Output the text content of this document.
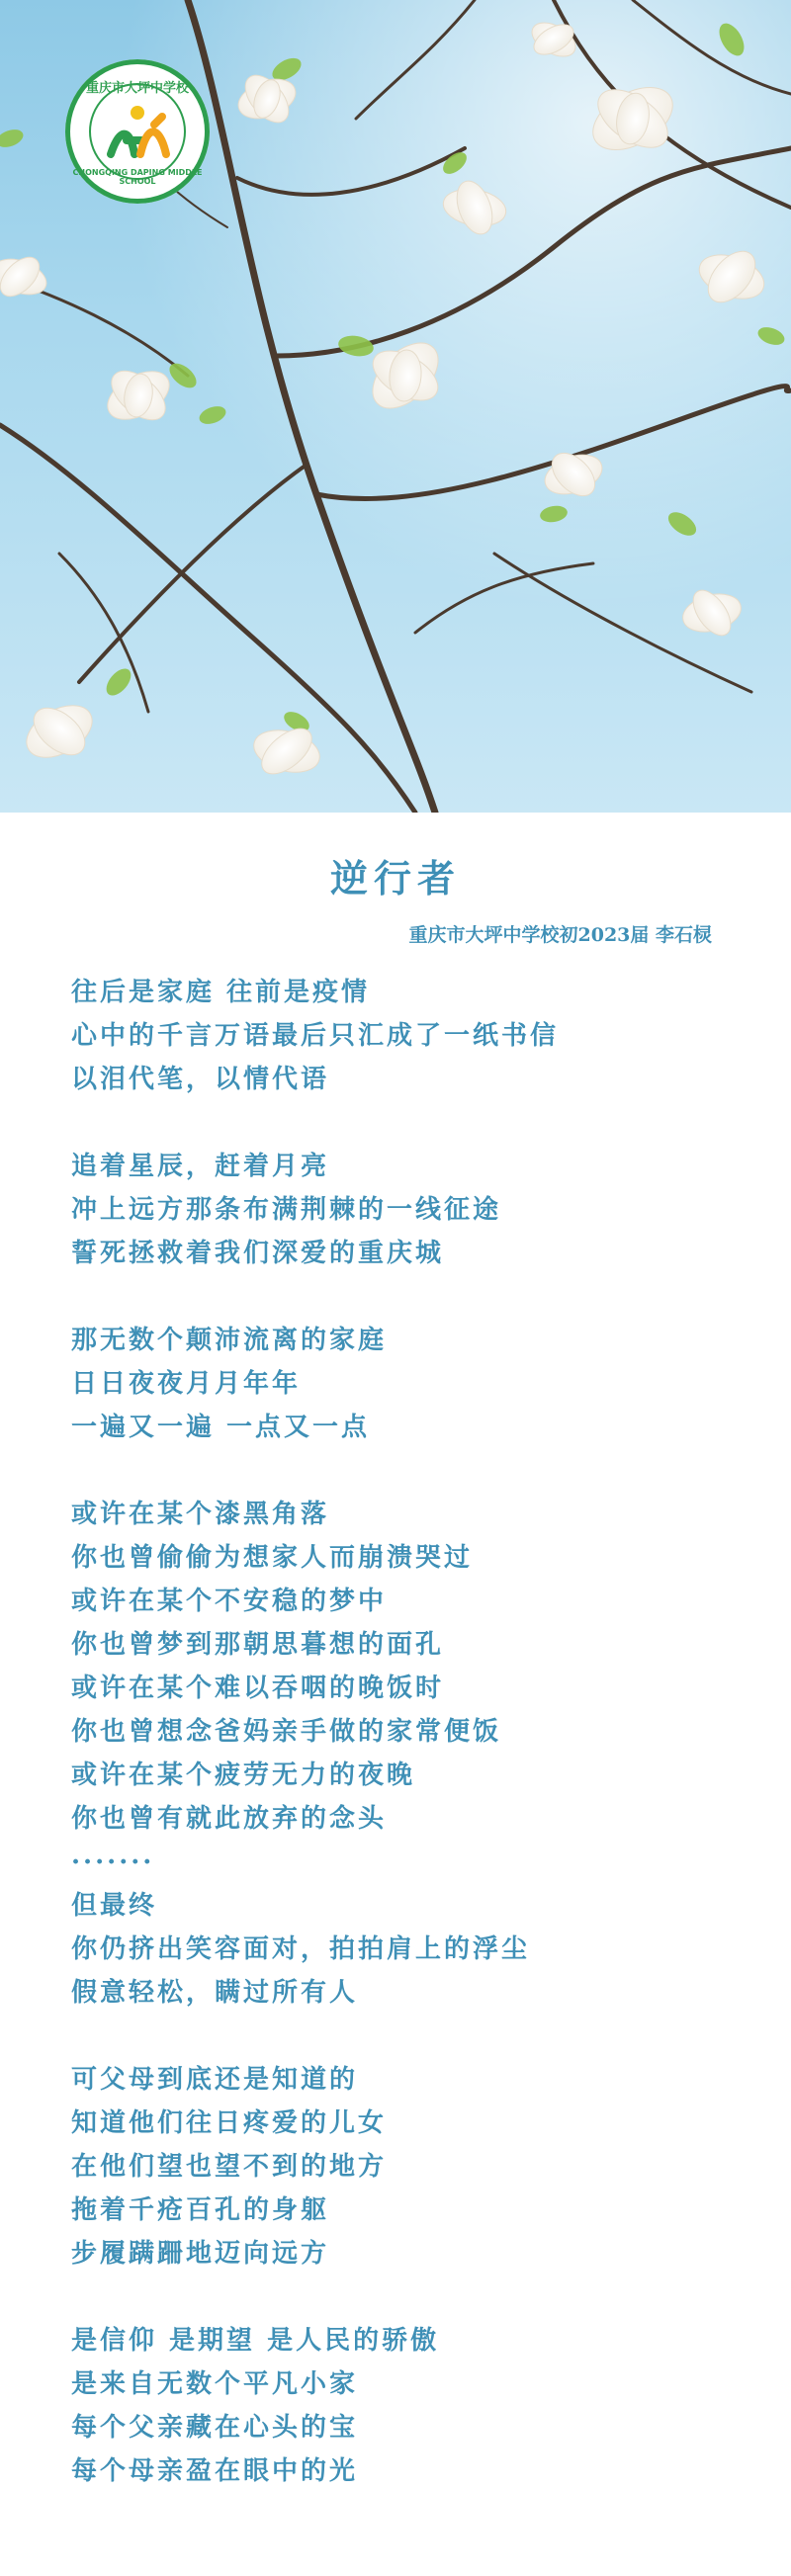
重庆市大坪中学校
CHONGQING DAPING MIDDLE SCHOOL
逆行者
重庆市大坪中学校初2023届 李石棂
往后是家庭 往前是疫情
心中的千言万语最后只汇成了一纸书信
以泪代笔，以情代语
追着星辰，赶着月亮
冲上远方那条布满荆棘的一线征途
誓死拯救着我们深爱的重庆城
那无数个颠沛流离的家庭
日日夜夜月月年年
一遍又一遍 一点又一点
或许在某个漆黑角落
你也曾偷偷为想家人而崩溃哭过
或许在某个不安稳的梦中
你也曾梦到那朝思暮想的面孔
或许在某个难以吞咽的晚饭时
你也曾想念爸妈亲手做的家常便饭
或许在某个疲劳无力的夜晚
你也曾有就此放弃的念头
·······
但最终
你仍挤出笑容面对，拍拍肩上的浮尘
假意轻松，瞒过所有人
可父母到底还是知道的
知道他们往日疼爱的儿女
在他们望也望不到的地方
拖着千疮百孔的身躯
步履蹒跚地迈向远方
是信仰 是期望 是人民的骄傲
是来自无数个平凡小家
每个父亲藏在心头的宝
每个母亲盈在眼中的光
